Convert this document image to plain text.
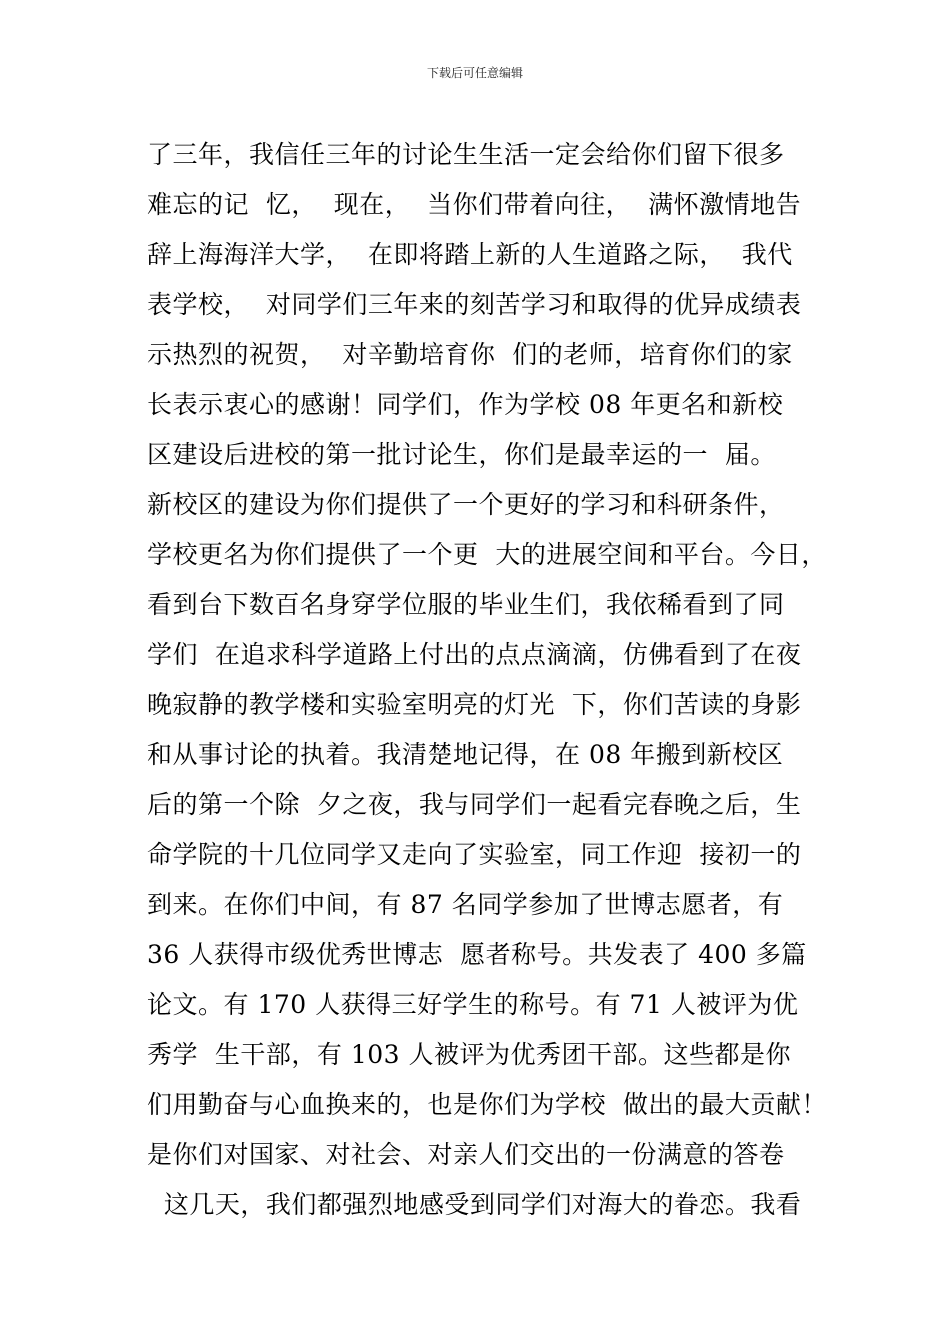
下载后可任意编辑
了三年，我信任三年的讨论生生活一定会给你们留下很多
难忘的记  忆，  现在，  当你们带着向往，  满怀激情地告
辞上海海洋大学，  在即将踏上新的人生道路之际，  我代
表学校，  对同学们三年来的刻苦学习和取得的优异成绩表
示热烈的祝贺，  对辛勤培育你  们的老师，培育你们的家
长表示衷心的感谢！同学们，作为学校 08 年更名和新校
区建设后进校的第一批讨论生，你们是最幸运的一  届。
新校区的建设为你们提供了一个更好的学习和科研条件，
学校更名为你们提供了一个更  大的进展空间和平台。今日，
看到台下数百名身穿学位服的毕业生们，我依稀看到了同
学们  在追求科学道路上付出的点点滴滴，仿佛看到了在夜
晚寂静的教学楼和实验室明亮的灯光  下，你们苦读的身影
和从事讨论的执着。我清楚地记得，在 08 年搬到新校区
后的第一个除  夕之夜，我与同学们一起看完春晚之后，生
命学院的十几位同学又走向了实验室，同工作迎  接初一的
到来。在你们中间，有 87 名同学参加了世博志愿者，有
36 人获得市级优秀世博志  愿者称号。共发表了 400 多篇
论文。有 170 人获得三好学生的称号。有 71 人被评为优
秀学  生干部，有 103 人被评为优秀团干部。这些都是你
们用勤奋与心血换来的，也是你们为学校  做出的最大贡献！
是你们对国家、对社会、对亲人们交出的一份满意的答卷
这几天，我们都强烈地感受到同学们对海大的眷恋。我看
